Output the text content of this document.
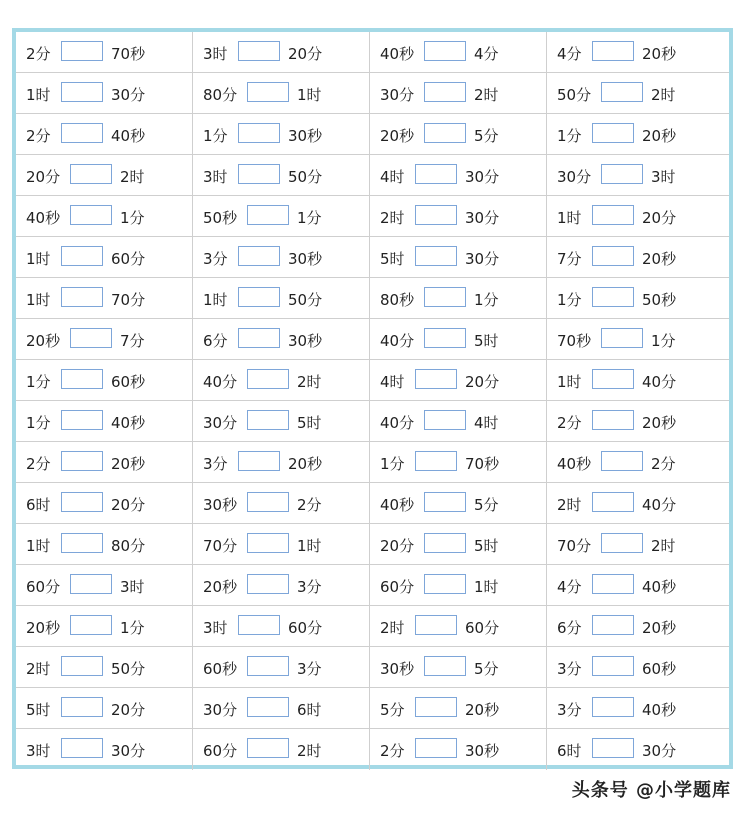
2分	70秒	3时	20分	40秒	4分	4分	20秒
1时	30分	80分	1时	30分	2时	50分	2时
2分	40秒	1分	30秒	20秒	5分	1分	20秒
20分	2时	3时	50分	4时	30分	30分	3时
40秒	1分	50秒	1分	2时	30分	1时	20分
1时	60分	3分	30秒	5时	30分	7分	20秒
1时	70分	1时	50分	80秒	1分	1分	50秒
20秒	7分	6分	30秒	40分	5时	70秒	1分
1分	60秒	40分	2时	4时	20分	1时	40分
1分	40秒	30分	5时	40分	4时	2分	20秒
2分	20秒	3分	20秒	1分	70秒	40秒	2分
6时	20分	30秒	2分	40秒	5分	2时	40分
1时	80分	70分	1时	20分	5时	70分	2时
60分	3时	20秒	3分	60分	1时	4分	40秒
20秒	1分	3时	60分	2时	60分	6分	20秒
2时	50分	60秒	3分	30秒	5分	3分	60秒
5时	20分	30分	6时	5分	20秒	3分	40秒
3时	30分	60分	2时	2分	30秒	6时	30分
头条号 @小学题库
